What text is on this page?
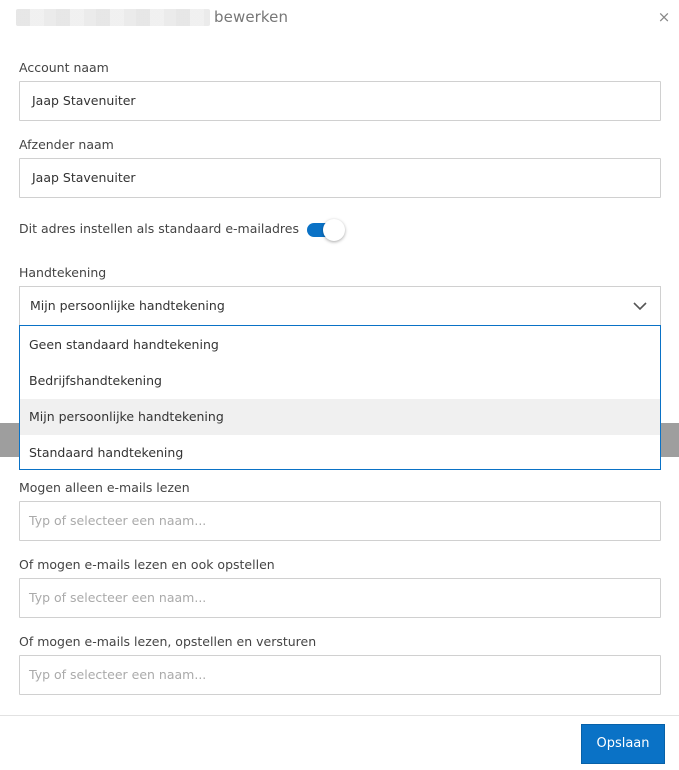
bewerken	×
Account naam
Jaap Stavenuiter
Afzender naam
Jaap Stavenuiter
Dit adres instellen als standaard e-mailadres
Handtekening
Mijn persoonlijke handtekening
Geen standaard handtekening
Bedrijfshandtekening
Mijn persoonlijke handtekening
Standaard handtekening
Mogen alleen e-mails lezen
Typ of selecteer een naam...
Of mogen e-mails lezen en ook opstellen
Typ of selecteer een naam...
Of mogen e-mails lezen, opstellen en versturen
Typ of selecteer een naam...
Opslaan
